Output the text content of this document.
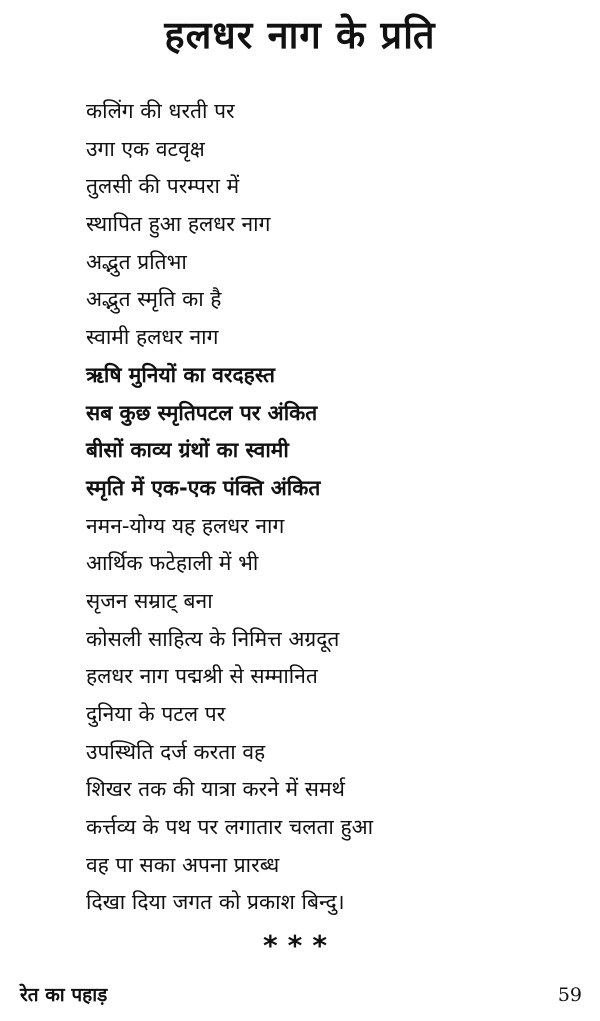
हलधर नाग के प्रति
कलिंग की धरती पर
उगा एक वटवृक्ष
तुलसी की परम्परा में
स्थापित हुआ हलधर नाग
अद्भुत प्रतिभा
अद्भुत स्मृति का है
स्वामी हलधर नाग
ऋषि मुनियों का वरदहस्त
सब कुछ स्मृतिपटल पर अंकित
बीसों काव्य ग्रंथों का स्वामी
स्मृति में एक-एक पंक्ति अंकित
नमन-योग्य यह हलधर नाग
आर्थिक फटेहाली में भी
सृजन सम्राट् बना
कोसली साहित्य के निमित्त अग्रदूत
हलधर नाग पद्मश्री से सम्मानित
दुनिया के पटल पर
उपस्थिति दर्ज करता वह
शिखर तक की यात्रा करने में समर्थ
कर्त्तव्य के पथ पर लगातार चलता हुआ
वह पा सका अपना प्रारब्ध
दिखा दिया जगत को प्रकाश बिन्दु।
***
रेत का पहाड़	59
